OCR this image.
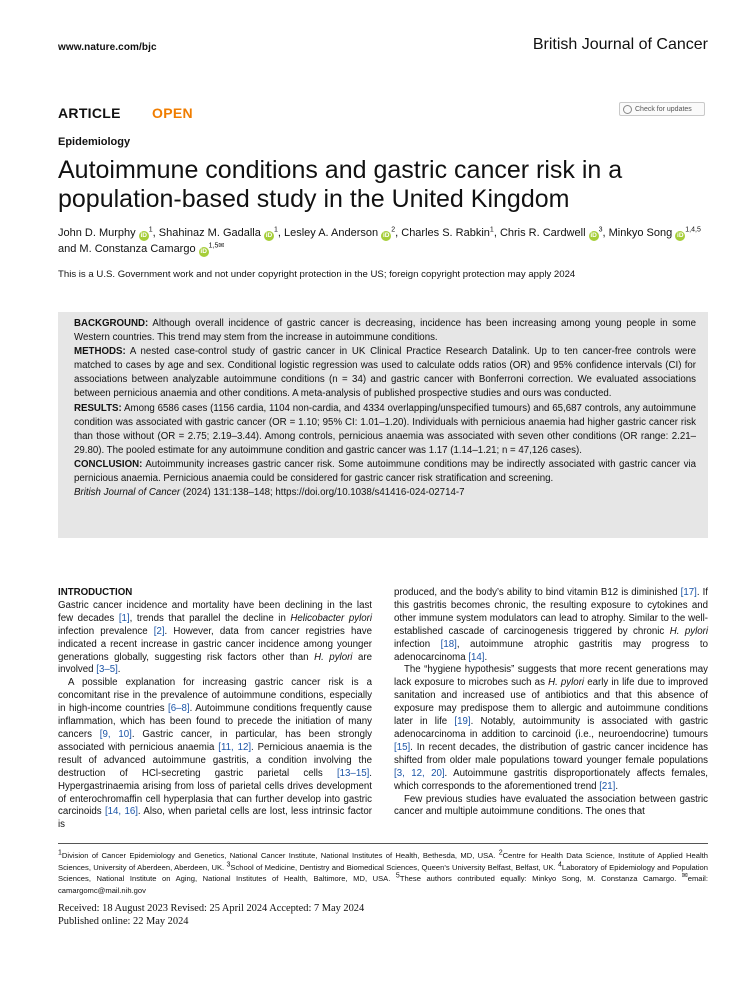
www.nature.com/bjc	British Journal of Cancer
ARTICLE OPEN	Check for updates
Epidemiology
Autoimmune conditions and gastric cancer risk in a population-based study in the United Kingdom
John D. Murphy $iD^1$, Shahinaz M. Gadalla $iD^1$, Lesley A. Anderson $iD^2$, Charles S. Rabkin$^1$, Chris R. Cardwell $iD^3$, Minkyo Song iD$^{1,4,5}$ and M. Constanza Camargo $iD^{1,5✉}$
This is a U.S. Government work and not under copyright protection in the US; foreign copyright protection may apply 2024

BACKGROUND: Although overall incidence of gastric cancer is decreasing, incidence has been increasing among young people in some Western countries. This trend may stem from the increase in autoimmune conditions.

METHODS: A nested case-control study of gastric cancer in UK Clinical Practice Research Datalink. Up to ten cancer-free controls were matched to cases by age and sex. Conditional logistic regression was used to calculate odds ratios (OR) and 95% confidence intervals (CI) for associations between analyzable autoimmune conditions (n = 34) and gastric cancer with Bonferroni correction. We evaluated associations between pernicious anaemia and other conditions. A meta-analysis of published prospective studies and ours was conducted.

RESULTS: Among 6586 cases (1156 cardia, 1104 non-cardia, and 4334 overlapping/unspecified tumours) and 65,687 controls, any autoimmune condition was associated with gastric cancer (OR = 1.10; 95% CI: 1.01–1.20). Individuals with pernicious anaemia had higher gastric cancer risk than those without (OR = 2.75; 2.19–3.44). Among controls, pernicious anaemia was associated with seven other conditions (OR range: 2.21–29.80). The pooled estimate for any autoimmune condition and gastric cancer was 1.17 (1.14–1.21; n = 47,126 cases).

CONCLUSION: Autoimmunity increases gastric cancer risk. Some autoimmune conditions may be indirectly associated with gastric cancer via pernicious anaemia. Pernicious anaemia could be considered for gastric cancer risk stratification and screening.

British Journal of Cancer (2024) 131:138–148; https://doi.org/10.1038/s41416-024-02714-7

INTRODUCTION

Gastric cancer incidence and mortality have been declining in the last few decades [1], trends that parallel the decline in Helicobacter pylori infection prevalence [2]. However, data from cancer registries have indicated a recent increase in gastric cancer incidence among younger generations globally, suggesting risk factors other than H. pylori are involved [3–5].

A possible explanation for increasing gastric cancer risk is a concomitant rise in the prevalence of autoimmune conditions, especially in high-income countries [6–8]. Autoimmune conditions frequently cause inflammation, which has been found to precede the initiation of many cancers [9, 10]. Gastric cancer, in particular, has been strongly associated with pernicious anaemia [11, 12]. Pernicious anaemia is the result of advanced autoimmune gastritis, a condition involving the destruction of HCl-secreting gastric parietal cells [13–15]. Hypergastrinaemia arising from loss of parietal cells drives development of enterochromaffin cell hyperplasia that can further develop into gastric carcinoids [14, 16]. Also, when parietal cells are lost, less intrinsic factor is

produced, and the body’s ability to bind vitamin B12 is diminished [17]. If this gastritis becomes chronic, the resulting exposure to cytokines and other immune system modulators can lead to atrophy. Similar to the well-established cascade of carcinogenesis triggered by chronic H. pylori infection [18], autoimmune atrophic gastritis may progress to adenocarcinoma [14].

The “hygiene hypothesis” suggests that more recent generations may lack exposure to microbes such as H. pylori early in life due to improved sanitation and increased use of antibiotics and that this absence of exposure may predispose them to allergic and autoimmune conditions later in life [19]. Notably, autoimmunity is associated with gastric adenocarcinoma in addition to carcinoid (i.e., neuroendocrine) tumours [15]. In recent decades, the distribution of gastric cancer incidence has shifted from older male populations toward younger female populations [3, 12, 20]. Autoimmune gastritis disproportionately affects females, which corresponds to the aforementioned trend [21].

Few previous studies have evaluated the association between gastric cancer and multiple autoimmune conditions. The ones that

$^1$Division of Cancer Epidemiology and Genetics, National Cancer Institute, National Institutes of Health, Bethesda, MD, USA. $^2$Centre for Health Data Science, Institute of Applied Health Sciences, University of Aberdeen, Aberdeen, UK. $^3$School of Medicine, Dentistry and Biomedical Sciences, Queen’s University Belfast, Belfast, UK. $^4$Laboratory of Epidemiology and Population Sciences, National Institute on Aging, National Institutes of Health, Baltimore, MD, USA. $^5$These authors contributed equally: Minkyo Song, M. Constanza Camargo. ✉email: camargomc@mail.nih.gov
Received: 18 August 2023 Revised: 25 April 2024 Accepted: 7 May 2024
Published online: 22 May 2024
